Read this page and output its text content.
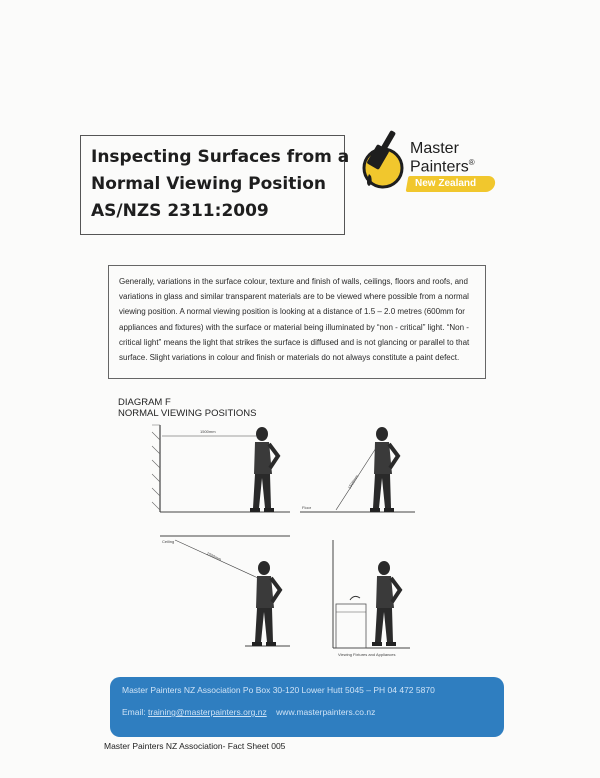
Inspecting Surfaces from a
Normal Viewing Position
AS/NZS 2311:2009
Master
Painters®
New Zealand
Generally, variations in the surface colour, texture and finish of walls, ceilings, floors and roofs, and variations in glass and similar transparent materials are to be viewed where possible from a normal viewing position. A normal viewing position is looking at a distance of 1.5 – 2.0 metres (600mm for appliances and fixtures) with the surface or material being illuminated by “non - critical” light. “Non - critical light” means the light that strikes the surface is diffused and is not glancing or parallel to that surface. Slight variations in colour and finish or materials do not always constitute a paint defect.
DIAGRAM F
NORMAL VIEWING POSITIONS
1500mm
Floor
1500mm
Ceiling
1500mm
Viewing Fixtures and Appliances
Master Painters NZ Association Po Box 30-120 Lower Hutt 5045 – PH 04 472 5870
Email: training@masterpainters.org.nz www.masterpainters.co.nz
Master Painters NZ Association- Fact Sheet 005
